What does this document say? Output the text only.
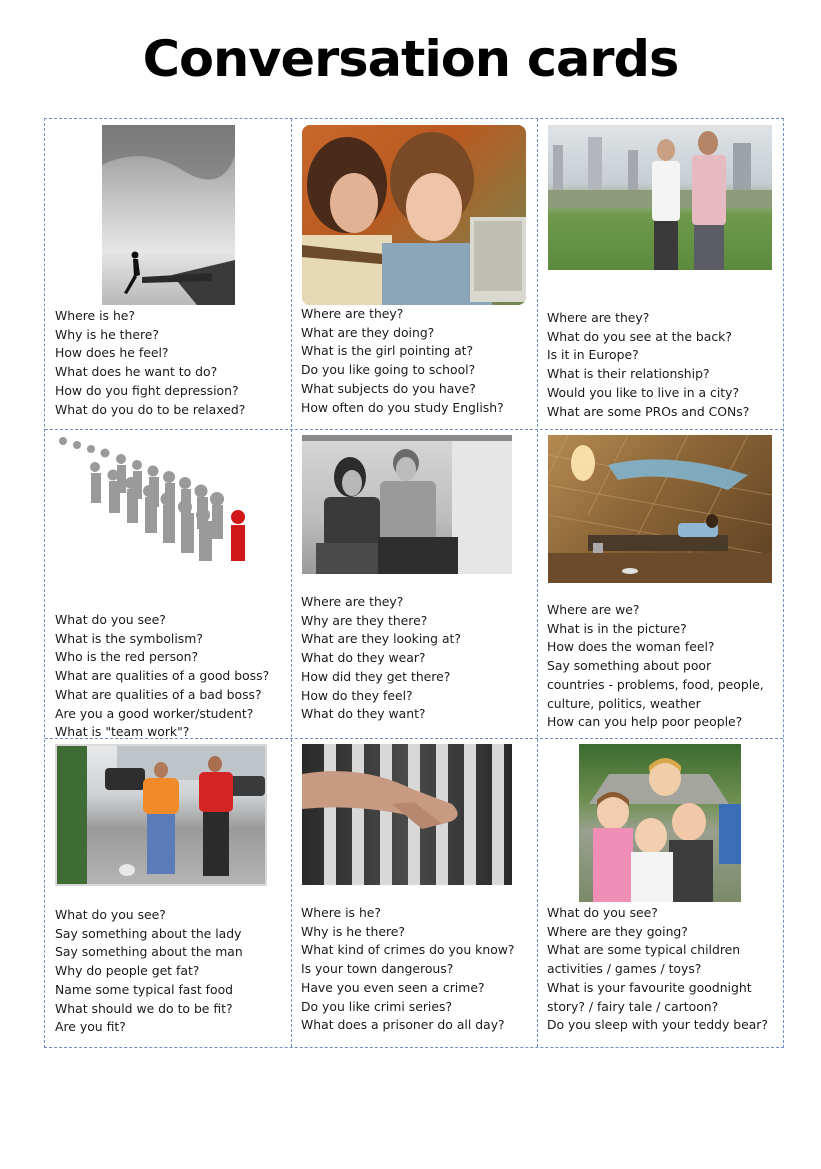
Conversation cards
Where is he?
Why is he there?
How does he feel?
What does he want to do?
How do you fight depression?
What do you do to be relaxed?
Where are they?
What are they doing?
What is the girl pointing at?
Do you like going to school?
What subjects do you have?
How often do you study English?
Where are they?
What do you see at the back?
Is it in Europe?
What is their relationship?
Would you like to live in a city?
What are some PROs and CONs?
What do you see?
What is the symbolism?
Who is the red person?
What are qualities of a good boss?
What are qualities of a bad boss?
Are you a good worker/student?
What is "team work"?
Where are they?
Why are they there?
What are they looking at?
What do they wear?
How did they get there?
How do they feel?
What do they want?
Where are we?
What is in the picture?
How does the woman feel?
Say something about poor
countries - problems, food, people,
culture, politics, weather
How can you help poor people?
What do you see?
Say something about the lady
Say something about the man
Why do people get fat?
Name some typical fast food
What should we do to be fit?
Are you fit?
Where is he?
Why is he there?
What kind of crimes do you know?
Is your town dangerous?
Have you even seen a crime?
Do you like crimi series?
What does a prisoner do all day?
What do you see?
Where are they going?
What are some typical children
activities / games / toys?
What is your favourite goodnight
story? / fairy tale / cartoon?
Do you sleep with your teddy bear?
